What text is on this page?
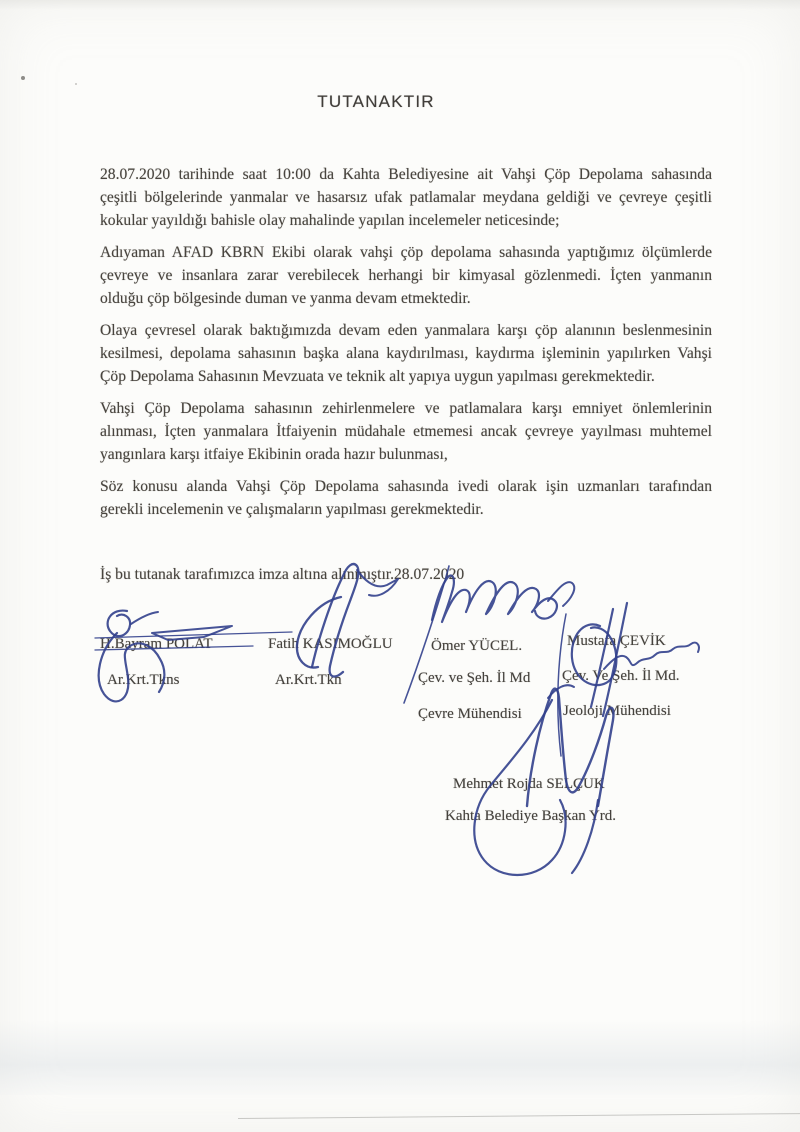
TUTANAKTIR
28.07.2020 tarihinde saat 10:00 da Kahta Belediyesine ait Vahşi Çöp Depolama sahasında
çeşitli bölgelerinde yanmalar ve hasarsız ufak patlamalar meydana geldiği ve çevreye çeşitli
kokular yayıldığı bahisle olay mahalinde yapılan incelemeler neticesinde;
Adıyaman AFAD KBRN Ekibi olarak vahşi çöp depolama sahasında yaptığımız ölçümlerde
çevreye ve insanlara zarar verebilecek herhangi bir kimyasal gözlenmedi. İçten yanmanın
olduğu çöp bölgesinde duman ve yanma devam etmektedir.
Olaya çevresel olarak baktığımızda devam eden yanmalara karşı çöp alanının beslenmesinin
kesilmesi, depolama sahasının başka alana kaydırılması, kaydırma işleminin yapılırken Vahşi
Çöp Depolama Sahasının Mevzuata ve teknik alt yapıya uygun yapılması gerekmektedir.
Vahşi Çöp Depolama sahasının zehirlenmelere ve patlamalara karşı emniyet önlemlerinin
alınması, İçten yanmalara İtfaiyenin müdahale etmemesi ancak çevreye yayılması muhtemel
yangınlara karşı itfaiye Ekibinin orada hazır bulunması,
Söz konusu alanda Vahşi Çöp Depolama sahasında ivedi olarak işin uzmanları tarafından
gerekli incelemenin ve çalışmaların yapılması gerekmektedir.
İş bu tutanak tarafımızca imza altına alınmıştır.28.07.2020
H.Bayram POLAT
Ar.Krt.Tkns
Fatih KASIMOĞLU
Ar.Krt.Tkn
Ömer YÜCEL.
Çev. ve Şeh. İl Md
Çevre Mühendisi
Mustafa ÇEVİK
Çev. Ve Şeh. İl Md.
Jeoloji Mühendisi
Mehmet Rojda SELÇUK
Kahta Belediye Başkan Yrd.
